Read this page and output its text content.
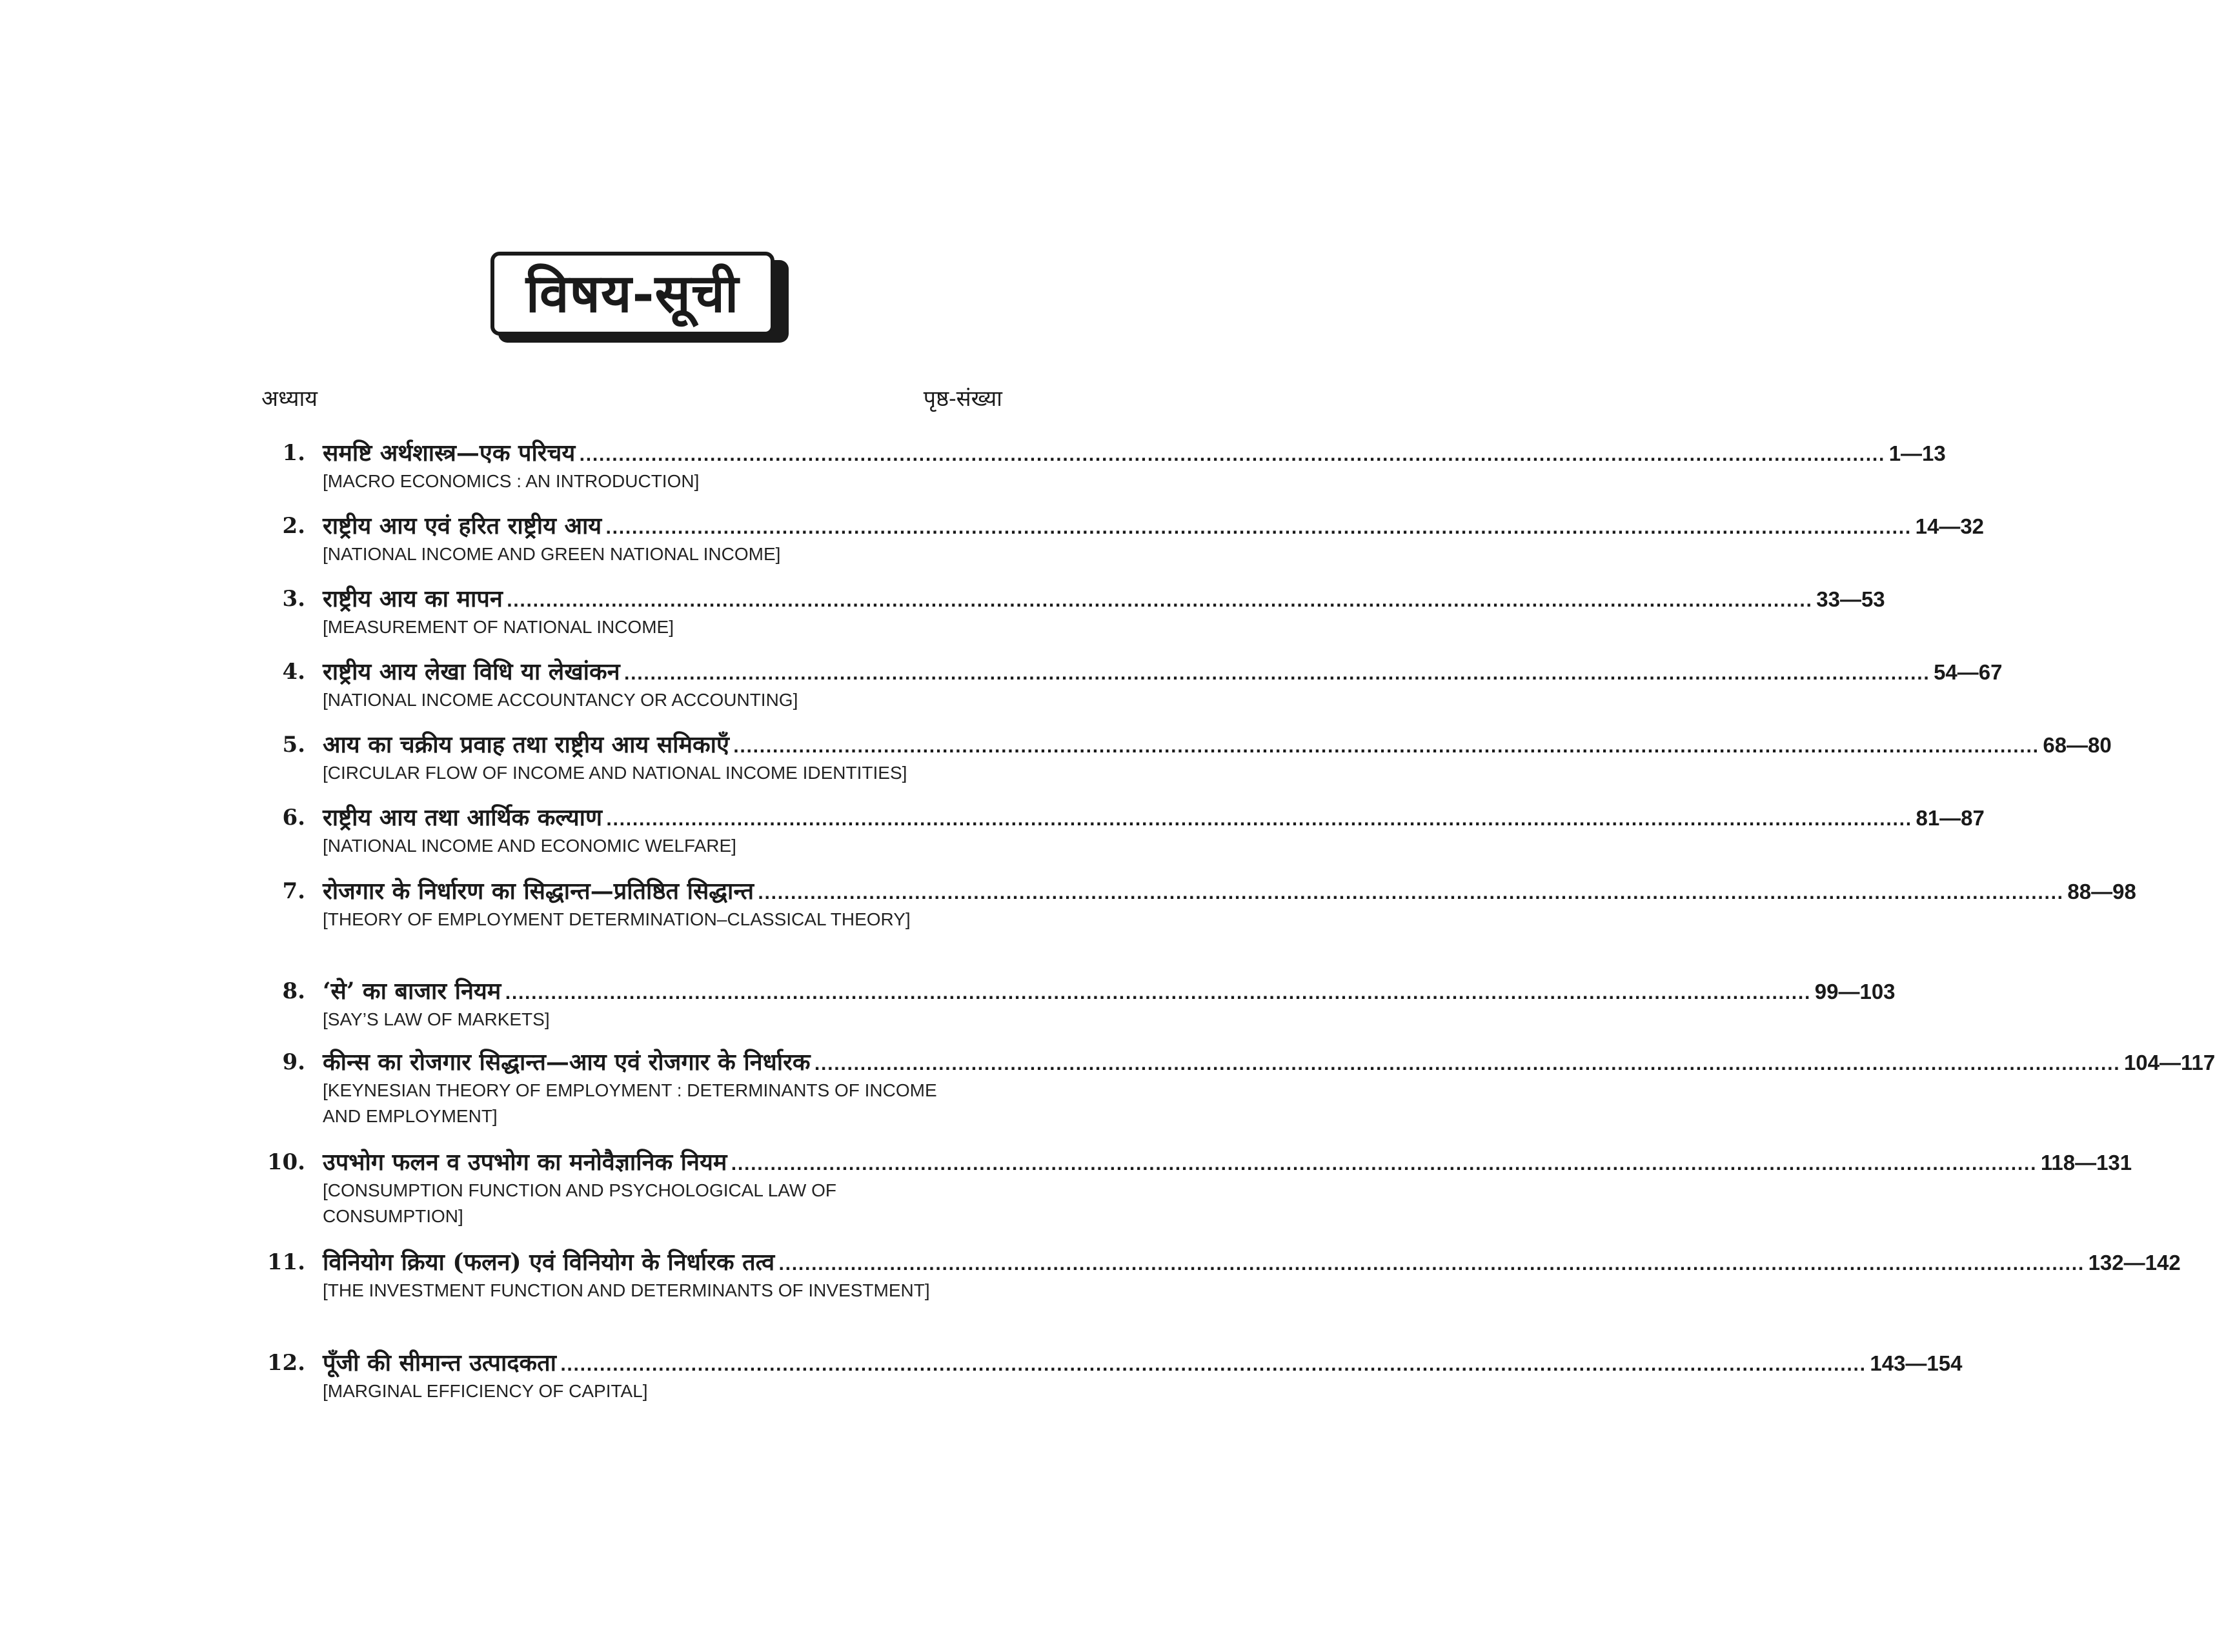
विषय-सूची
अध्याय	पृष्ठ-संख्या
1. समष्टि अर्थशास्त्र—एक परिचय ........................................................................................................................................................................................................ 1—13
[MACRO ECONOMICS : AN INTRODUCTION]
2. राष्ट्रीय आय एवं हरित राष्ट्रीय आय ........................................................................................................................................................................................................ 14—32
[NATIONAL INCOME AND GREEN NATIONAL INCOME]
3. राष्ट्रीय आय का मापन ........................................................................................................................................................................................................ 33—53
[MEASUREMENT OF NATIONAL INCOME]
4. राष्ट्रीय आय लेखा विधि या लेखांकन ........................................................................................................................................................................................................ 54—67
[NATIONAL INCOME ACCOUNTANCY OR ACCOUNTING]
5. आय का चक्रीय प्रवाह तथा राष्ट्रीय आय समिकाएँ ........................................................................................................................................................................................................ 68—80
[CIRCULAR FLOW OF INCOME AND NATIONAL INCOME IDENTITIES]
6. राष्ट्रीय आय तथा आर्थिक कल्याण ........................................................................................................................................................................................................ 81—87
[NATIONAL INCOME AND ECONOMIC WELFARE]
7. रोजगार के निर्धारण का सिद्धान्त—प्रतिष्ठित सिद्धान्त ........................................................................................................................................................................................................ 88—98
[THEORY OF EMPLOYMENT DETERMINATION–CLASSICAL THEORY]
8. ‘से’ का बाजार नियम ........................................................................................................................................................................................................ 99—103
[SAY’S LAW OF MARKETS]
9. कीन्स का रोजगार सिद्धान्त—आय एवं रोजगार के निर्धारक ........................................................................................................................................................................................................ 104—117
[KEYNESIAN THEORY OF EMPLOYMENT : DETERMINANTS OF INCOME AND EMPLOYMENT]
10. उपभोग फलन व उपभोग का मनोवैज्ञानिक नियम ........................................................................................................................................................................................................ 118—131
[CONSUMPTION FUNCTION AND PSYCHOLOGICAL LAW OF CONSUMPTION]
11. विनियोग क्रिया (फलन) एवं विनियोग के निर्धारक तत्व ........................................................................................................................................................................................................ 132—142
[THE INVESTMENT FUNCTION AND DETERMINANTS OF INVESTMENT]
12. पूँजी की सीमान्त उत्पादकता ........................................................................................................................................................................................................ 143—154
[MARGINAL EFFICIENCY OF CAPITAL]
